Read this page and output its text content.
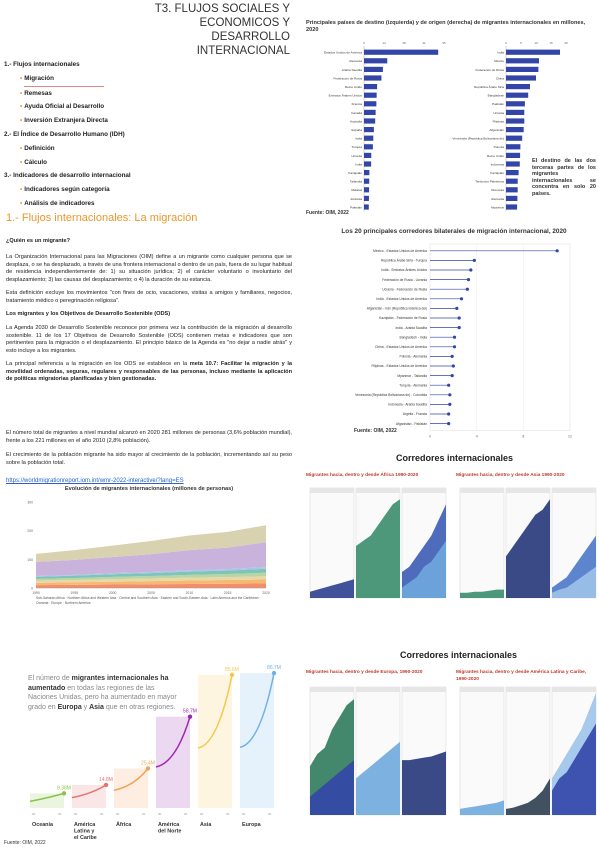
T3. FLUJOS SOCIALES Y
ECONOMICOS Y DESARROLLO
INTERNACIONAL
1.- Flujos internacionales
• Migración
• Remesas
• Ayuda Oficial al Desarrollo
• Inversión Extranjera Directa
2.- El Índice de Desarrollo Humano (IDH)
• Definición
• Cálculo
3.- Indicadores de desarrollo internacional
• Indicadores según categoría
• Análisis de indicadores
1.- Flujos internacionales: La migración
¿Quién es un migrante?
La Organización Internacional para las Migraciones (OIM) define a un migrante como cualquier persona que se desplaza, o se ha desplazado, a través de una frontera internacional o dentro de un país, fuera de su lugar habitual de residencia independientemente de: 1) su situación jurídica; 2) el carácter voluntario o involuntario del desplazamiento; 3) las causas del desplazamiento; o 4) la duración de su estancia.
Esta definición excluye los movimientos "con fines de ocio, vacaciones, visitas a amigos y familiares, negocios, tratamiento médico o peregrinación religiosa".
Los migrantes y los Objetivos de Desarrollo Sostenible (ODS)
La Agenda 2030 de Desarrollo Sostenible reconoce por primera vez la contribución de la migración al desarrollo sostenible. 11 de los 17 Objetivos de Desarrollo Sostenible (ODS) contienen metas e indicadores que son pertinentes para la migración o el desplazamiento. El principio básico de la Agenda es "no dejar a nadie atrás" y esto incluye a los migrantes.
La principal referencia a la migración en los ODS se establece en la meta 10.7: Facilitar la migración y la movilidad ordenadas, seguras, regulares y responsables de las personas, incluso mediante la aplicación de políticas migratorias planificadas y bien gestionadas.
El número total de migrantes a nivel mundial alcanzó en 2020 281 millones de personas (3,6% población mundial), frente a los 221 millones en el año 2010 (2,8% población).
El crecimiento de la población migrante ha sido mayor al crecimiento de la población, incrementando así su peso sobre la población total.
https://worldmigrationreport.iom.int/wmr-2022-interactive/?lang=ES
Evolución de migrantes internacionales (millones de personas)
1990	1995	2000	2005	2010	2015	2020
0
100
200
300
Sub-Saharan Africa · Northern Africa and Western Asia · Central and Southern Asia · Eastern and South-Eastern Asia · Latin America and the Caribbean · Oceania · Europe · Northern America
Principales países de destino (izquierda) y de origen (derecha) de migrantes internacionales en millones, 2020
0	14	28	41	55
Estados Unidos de América
Alemania
Arabia Saudita
Federación de Rusia
Reino Unido
Emiratos Árabes Unidos
Francia
Canadá
Australia
España
Italia
Turquía
Ucrania
India
Kazajstán
Tailandia
Malasia
Jordania
Pakistán
0	5	10	15	20
India
México
Federación de Rusia
China
República Árabe Siria
Bangladesh
Pakistán
Ucrania
Filipinas
Afganistán
Venezuela (República Bolivariana de)
Polonia
Reino Unido
Indonesia
Kazajstán
Territorios Palestinos
Rumanía
Alemania
Myanmar
El destino de las dos terceras partes de los migrantes internacionales se concentra en solo 20 países.
Fuente: OIM, 2022
Los 20 principales corredores bilaterales de migración internacional, 2020
0	4	8	12
México - Estados Unidos de América
República Árabe Siria - Turquía
India - Emiratos Árabes Unidos
Federación de Rusia - Ucrania
Ucrania - Federación de Rusia
India - Estados Unidos de América
Afganistán - Irán (República Islámica del)
Kazajstán - Federación de Rusia
India - Arabia Saudita
Bangladesh - India
China - Estados Unidos de América
Polonia - Alemania
Filipinas - Estados Unidos de América
Myanmar - Tailandia
Turquía - Alemania
Venezuela (República Bolivariana de) - Colombia
Indonesia - Arabia Saudita
Argelia - Francia
Afganistán - Pakistán
Fuente: OIM, 2022
Corredores internacionales
Migrantes hacia, dentro y desde África 1990-2020	Migrantes hacia, dentro y desde Asia 1990-2020
Corredores internacionales
Migrantes hacia, dentro y desde Europa, 1990-2020	Migrantes hacia, dentro y desde América Latina y Caribe, 1990-2020
El número de migrantes internacionales ha aumentado en todas las regiones de las Naciones Unidas, pero ha aumentado en mayor grado en Europa y Asia que en otras regiones.
9.38M
90	20
Oceanía
14.8M
90	20
América
Latina y
el Caribe
25.4M
90	20
África
58.7M
90	20
América
del Norte
85.6M
90	20
Asia
86.7M
90	20
Europa
Fuente: OIM, 2022
